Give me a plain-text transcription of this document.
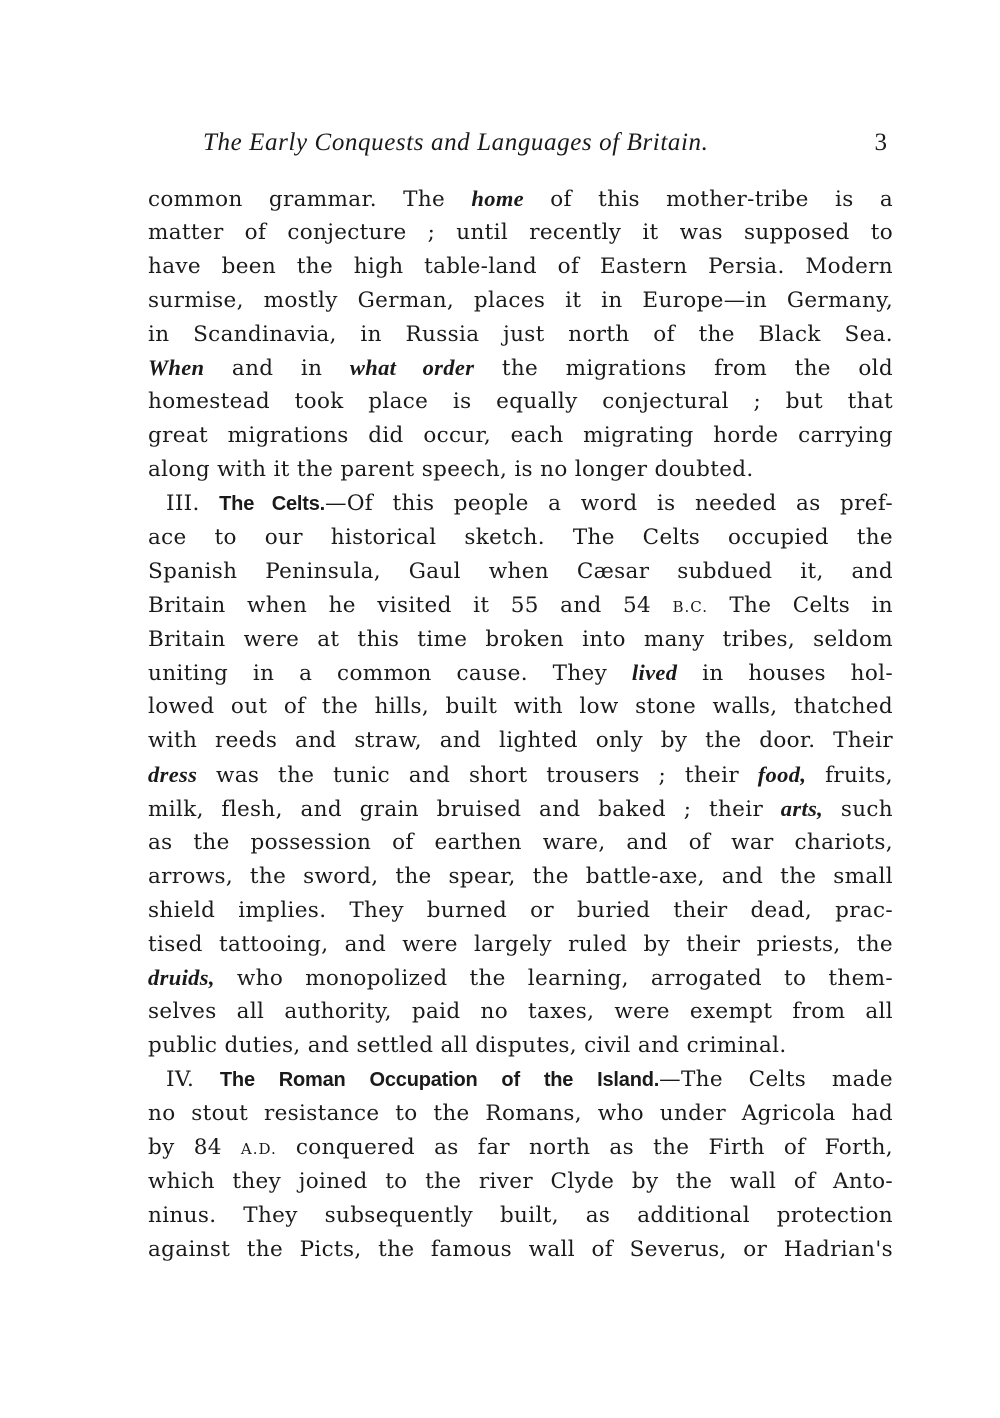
The Early Conquests and Languages of Britain.	3

common grammar. The home of this mother-tribe is a
matter of conjecture ; until recently it was supposed to
have been the high table-land of Eastern Persia. Modern
surmise, mostly German, places it in Europe—in Germany,
in Scandinavia, in Russia just north of the Black Sea.
When and in what order the migrations from the old
homestead took place is equally conjectural ; but that
great migrations did occur, each migrating horde carrying
along with it the parent speech, is no longer doubted.

III. The Celts.—Of this people a word is needed as pref-
ace to our historical sketch. The Celts occupied the
Spanish Peninsula, Gaul when Cæsar subdued it, and
Britain when he visited it 55 and 54 B.C. The Celts in
Britain were at this time broken into many tribes, seldom
uniting in a common cause. They lived in houses hol-
lowed out of the hills, built with low stone walls, thatched
with reeds and straw, and lighted only by the door. Their
dress was the tunic and short trousers ; their food, fruits,
milk, flesh, and grain bruised and baked ; their arts, such
as the possession of earthen ware, and of war chariots,
arrows, the sword, the spear, the battle-axe, and the small
shield implies. They burned or buried their dead, prac-
tised tattooing, and were largely ruled by their priests, the
druids, who monopolized the learning, arrogated to them-
selves all authority, paid no taxes, were exempt from all
public duties, and settled all disputes, civil and criminal.

IV. The Roman Occupation of the Island.—The Celts made
no stout resistance to the Romans, who under Agricola had
by 84 A.D. conquered as far north as the Firth of Forth,
which they joined to the river Clyde by the wall of Anto-
ninus. They subsequently built, as additional protection
against the Picts, the famous wall of Severus, or Hadrian's
